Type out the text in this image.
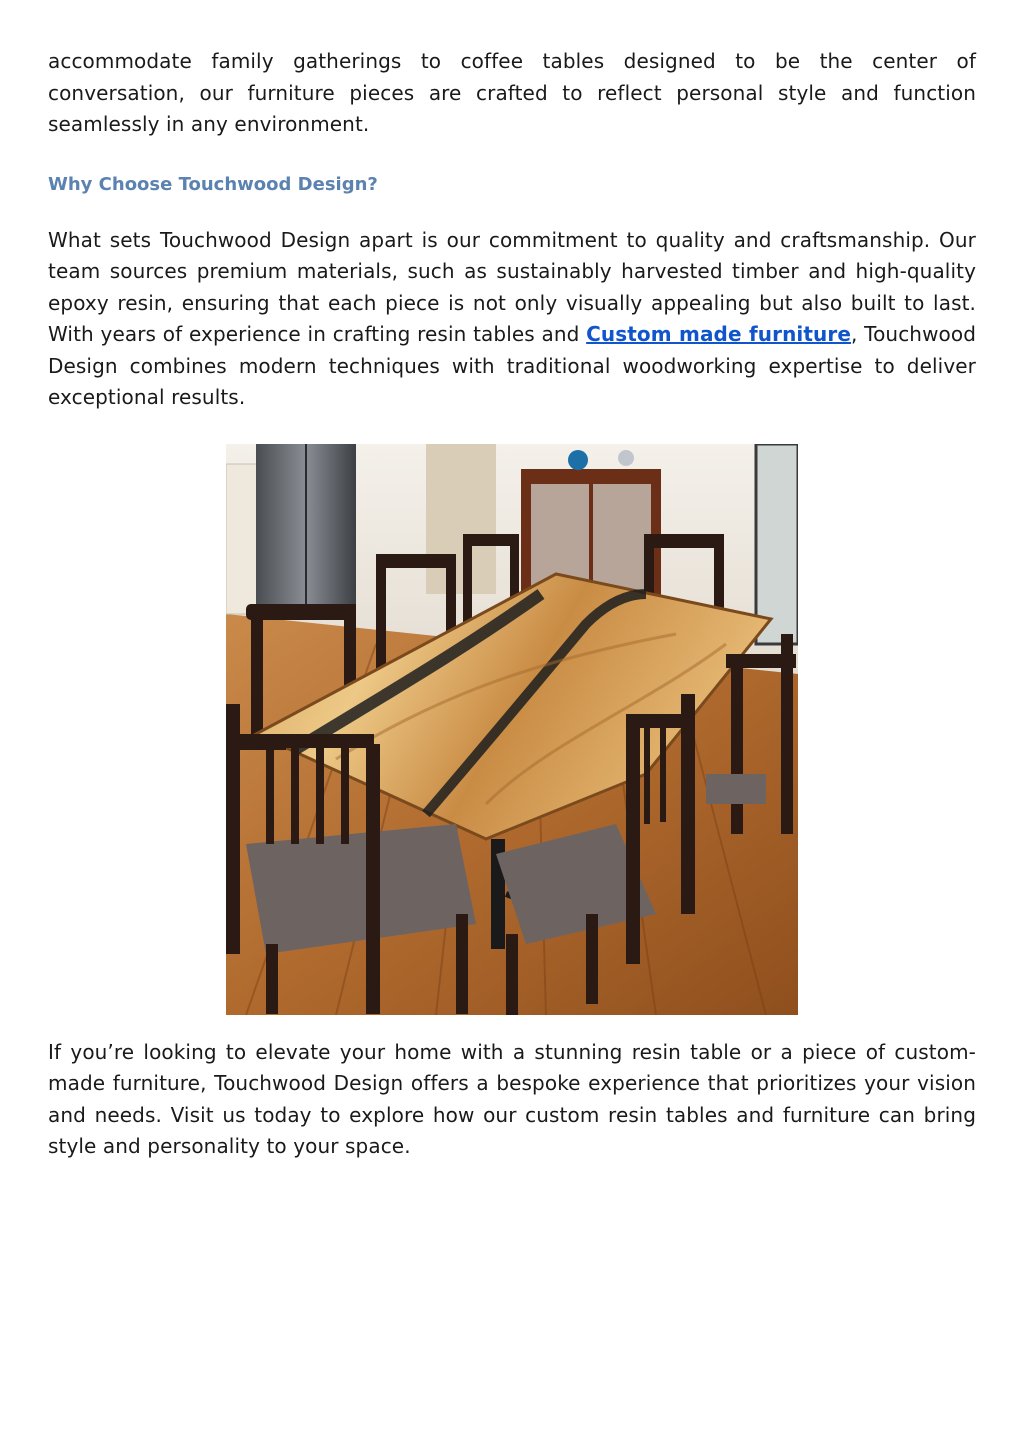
accommodate family gatherings to coffee tables designed to be the center of conversation, our furniture pieces are crafted to reflect personal style and function seamlessly in any environment.

Why Choose Touchwood Design?

What sets Touchwood Design apart is our commitment to quality and craftsmanship. Our team sources premium materials, such as sustainably harvested timber and high-quality epoxy resin, ensuring that each piece is not only visually appealing but also built to last. With years of experience in crafting resin tables and Custom made furniture, Touchwood Design combines modern techniques with traditional woodworking expertise to deliver exceptional results.

If you’re looking to elevate your home with a stunning resin table or a piece of custom-made furniture, Touchwood Design offers a bespoke experience that prioritizes your vision and needs. Visit us today to explore how our custom resin tables and furniture can bring style and personality to your space.
